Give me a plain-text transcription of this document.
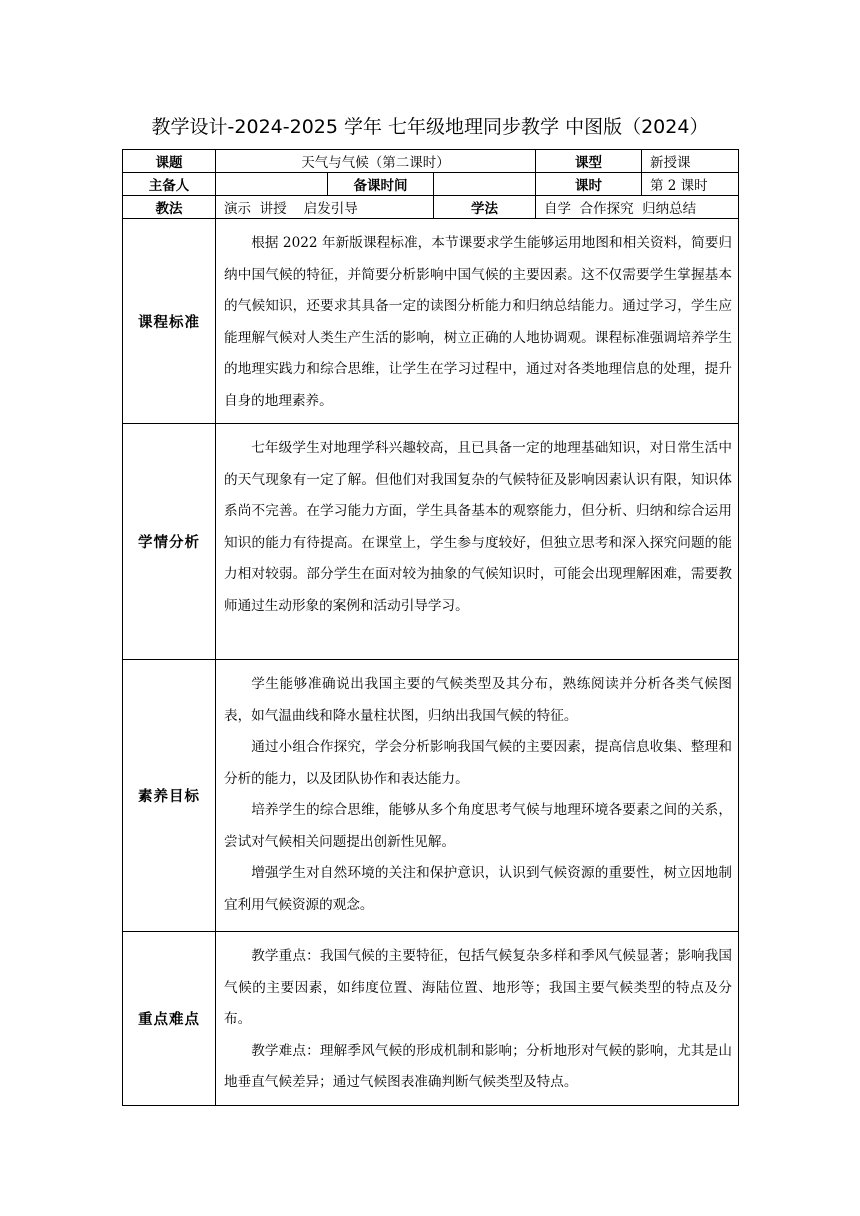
教学设计-2024-2025 学年 七年级地理同步教学 中图版（2024）
课题	天气与气候（第二课时）			课型	新授课
主备人		备课时间		课时	第 2 课时
教法	演示  讲授    启发引导		学法	自学  合作探究  归纳总结	
课程标准	根据 2022 年新版课程标准，本节课要求学生能够运用地图和相关资料，简要归纳中国气候的特征，并简要分析影响中国气候的主要因素。这不仅需要学生掌握基本的气候知识，还要求其具备一定的读图分析能力和归纳总结能力。通过学习，学生应能理解气候对人类生产生活的影响，树立正确的人地协调观。课程标准强调培养学生的地理实践力和综合思维，让学生在学习过程中，通过对各类地理信息的处理，提升自身的地理素养。				

学情分析	七年级学生对地理学科兴趣较高，且已具备一定的地理基础知识，对日常生活中的天气现象有一定了解。但他们对我国复杂的气候特征及影响因素认识有限，知识体系尚不完善。在学习能力方面，学生具备基本的观察能力，但分析、归纳和综合运用知识的能力有待提高。在课堂上，学生参与度较好，但独立思考和深入探究问题的能力相对较弱。部分学生在面对较为抽象的气候知识时，可能会出现理解困难，需要教师通过生动形象的案例和活动引导学习。				

素养目标	学生能够准确说出我国主要的气候类型及其分布，熟练阅读并分析各类气候图表，如气温曲线和降水量柱状图，归纳出我国气候的特征。

通过小组合作探究，学会分析影响我国气候的主要因素，提高信息收集、整理和分析的能力，以及团队协作和表达能力。

培养学生的综合思维，能够从多个角度思考气候与地理环境各要素之间的关系，尝试对气候相关问题提出创新性见解。

增强学生对自然环境的关注和保护意识，认识到气候资源的重要性，树立因地制宜利用气候资源的观念。				

重点难点	教学重点：我国气候的主要特征，包括气候复杂多样和季风气候显著；影响我国气候的主要因素，如纬度位置、海陆位置、地形等；我国主要气候类型的特点及分布。

教学难点：理解季风气候的形成机制和影响；分析地形对气候的影响，尤其是山地垂直气候差异；通过气候图表准确判断气候类型及特点。				
